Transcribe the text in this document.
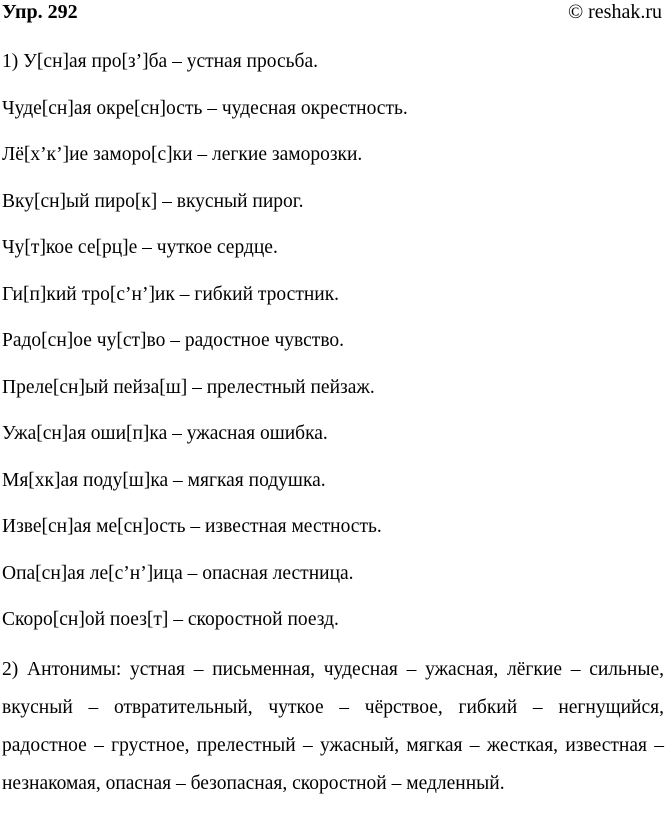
Упр. 292	© reshak.ru
1) У[сн]ая про[з’]ба – устная просьба.
Чуде[сн]ая окре[сн]ость – чудесная окрестность.
Лё[х’к’]ие замoро[с]ки – легкие заморозки.
Вку[сн]ый пиро[к] – вкусный пирог.
Чу[т]кое се[рц]е – чуткое сердце.
Ги[п]кий тро[с’н’]ик – гибкий тростник.
Радо[сн]ое чу[ст]во – радостное чувство.
Преле[сн]ый пейза[ш] – прелестный пейзаж.
Ужа[сн]ая оши[п]ка – ужасная ошибка.
Мя[хк]ая поду[ш]ка – мягкая подушка.
Изве[сн]ая ме[сн]ость – известная местность.
Опа[сн]ая ле[с’н’]ица – опасная лестница.
Скоро[сн]ой поез[т] – скоростной поезд.
2) Антонимы: устная – письменная, чудесная – ужасная, лёгкие – сильные, вкусный – отвратительный, чуткое – чёрствое, гибкий – негнущийся, радостное – грустное, прелестный – ужасный, мягкая – жесткая, известная – незнакомая, опасная – безопасная, скоростной – медленный.
